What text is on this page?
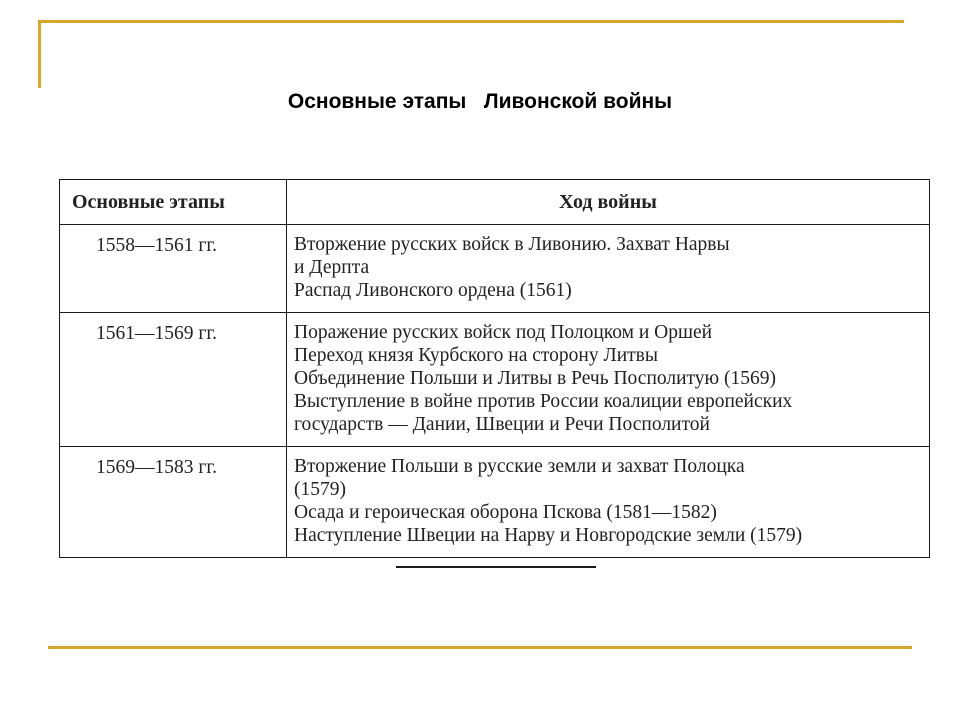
Основные этапы   Ливонской войны
Основные этапы	Ход войны
1558—1561 гг.	Вторжение русских войск в Ливонию. Захват Нарвы
и Дерпта
Распад Ливонского ордена (1561)

1561—1569 гг.	Поражение русских войск под Полоцком и Оршей
Переход князя Курбского на сторону Литвы
Объединение Польши и Литвы в Речь Посполитую (1569)
Выступление в войне против России коалиции европейских
государств — Дании, Швеции и Речи Посполитой

1569—1583 гг.	Вторжение Польши в русские земли и захват Полоцка
(1579)
Осада и героическая оборона Пскова (1581—1582)
Наступление Швеции на Нарву и Новгородские земли (1579)
